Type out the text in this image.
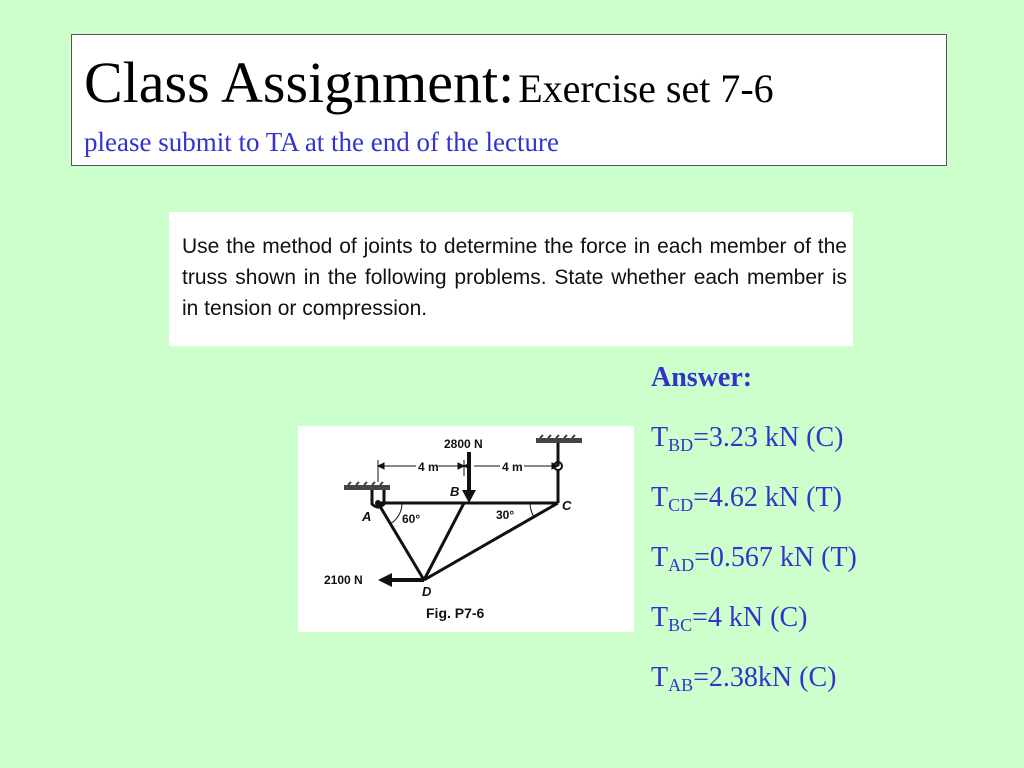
Class Assignment: Exercise set 7-6
please submit to TA at the end of the lecture
Use the method of joints to determine the force in each member of the truss shown in the following problems. State whether each member is in tension or compression.
2800 N
2100 N
4 m	4 m
A
B
C
D
60°	30°
Fig. P7-6
Answer:
$T_{BD}=3.23$ kN (C)
$T_{CD}=4.62$ kN (T)
$T_{AD}=0.567$ kN (T)
$T_{BC}=4$ kN (C)
$T_{AB}=2.38kN$ (C)
